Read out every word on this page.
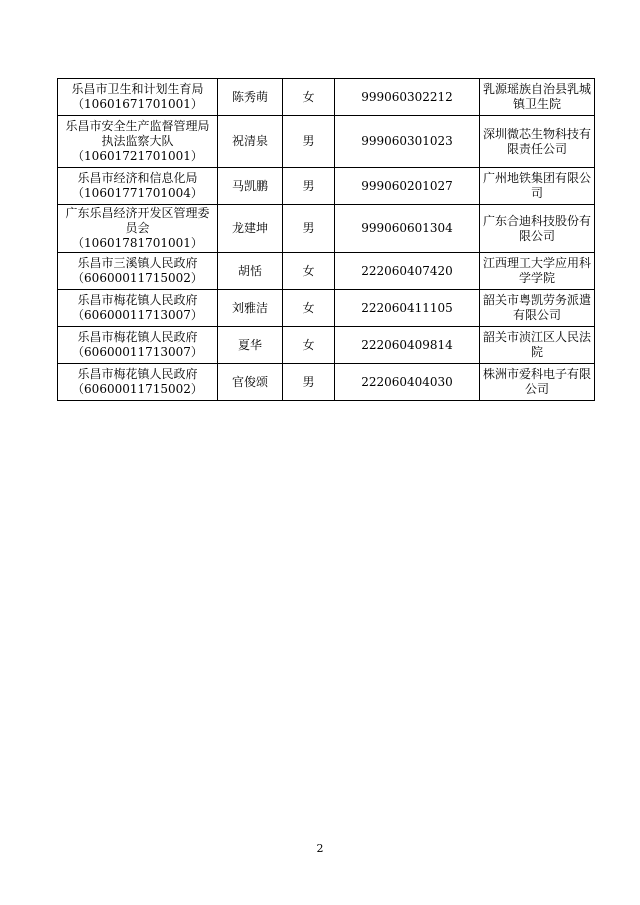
乐昌市卫生和计划生育局
（10601671701001）	陈秀萌	女	999060302212	乳源瑶族自治县乳城镇卫生院
乐昌市安全生产监督管理局执法监察大队
（10601721701001）	祝清泉	男	999060301023	深圳微芯生物科技有限责任公司
乐昌市经济和信息化局
（10601771701004）	马凯鹏	男	999060201027	广州地铁集团有限公司
广东乐昌经济开发区管理委员会
（10601781701001）	龙建坤	男	999060601304	广东合迪科技股份有限公司
乐昌市三溪镇人民政府
（60600011715002）	胡恬	女	222060407420	江西理工大学应用科学学院
乐昌市梅花镇人民政府
（60600011713007）	刘雅洁	女	222060411105	韶关市粤凯劳务派遣有限公司
乐昌市梅花镇人民政府
（60600011713007）	夏华	女	222060409814	韶关市浈江区人民法院
乐昌市梅花镇人民政府
（60600011715002）	官俊颂	男	222060404030	株洲市爱科电子有限公司
2
